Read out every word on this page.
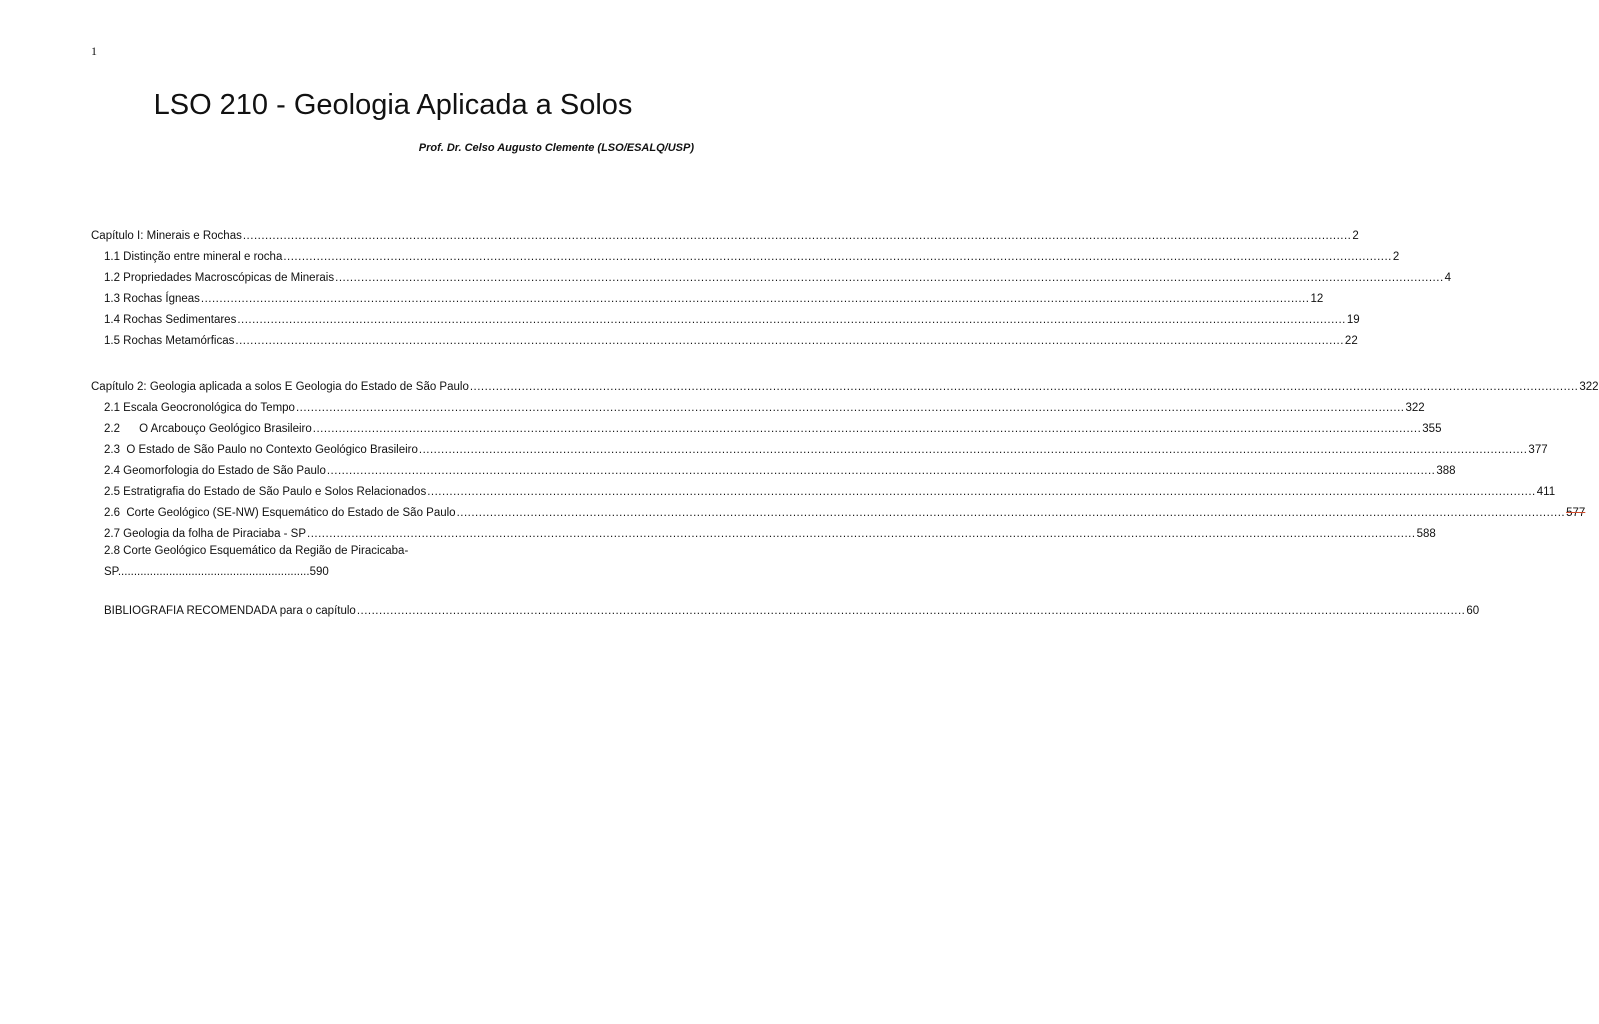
1
LSO 210 - Geologia Aplicada a Solos
Prof. Dr. Celso Augusto Clemente (LSO/ESALQ/USP)
Capítulo I: Minerais e Rochas ............................................................................................................................................................................................................................................................................................................ 2
1.1 Distinção entre mineral e rocha ............................................................................................................................................................................................................................................................................................................ 2
1.2 Propriedades Macroscópicas de Minerais ............................................................................................................................................................................................................................................................................................................ 4
1.3 Rochas Ígneas ............................................................................................................................................................................................................................................................................................................ 12
1.4 Rochas Sedimentares ............................................................................................................................................................................................................................................................................................................ 19
1.5 Rochas Metamórficas ............................................................................................................................................................................................................................................................................................................ 22
Capítulo 2: Geologia aplicada a solos E Geologia do Estado de São Paulo ............................................................................................................................................................................................................................................................................................................ 322
2.1 Escala Geocronológica do Tempo ............................................................................................................................................................................................................................................................................................................ 322
2.2      O Arcabouço Geológico Brasileiro ............................................................................................................................................................................................................................................................................................................ 355
2.3  O Estado de São Paulo no Contexto Geológico Brasileiro ............................................................................................................................................................................................................................................................................................................ 377
2.4 Geomorfologia do Estado de São Paulo ............................................................................................................................................................................................................................................................................................................ 388
2.5 Estratigrafia do Estado de São Paulo e Solos Relacionados ............................................................................................................................................................................................................................................................................................................ 411
2.6  Corte Geológico (SE-NW) Esquemático do Estado de São Paulo ............................................................................................................................................................................................................................................................................................................ 577
2.7 Geologia da folha de Piraciaba - SP ............................................................................................................................................................................................................................................................................................................ 588
2.8 Corte Geológico Esquemático da Região de Piracicaba-
SP............................................................590
BIBLIOGRAFIA RECOMENDADA para o capítulo ............................................................................................................................................................................................................................................................................................................ 60
